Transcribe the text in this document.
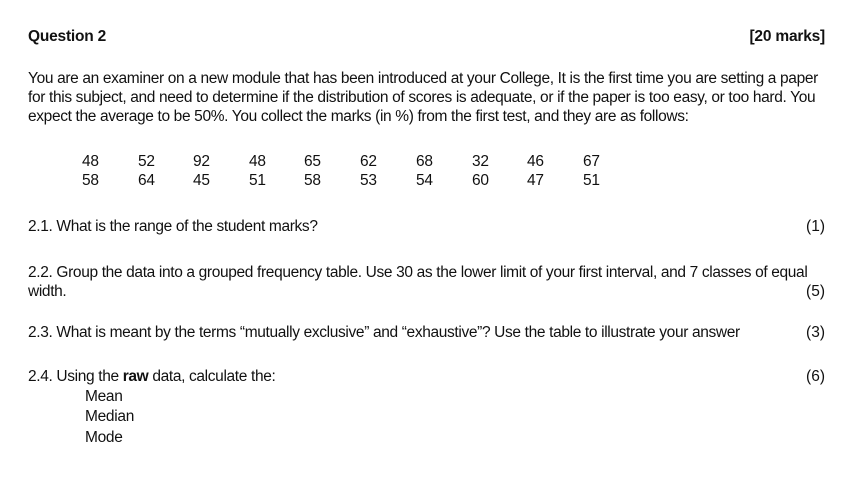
Question 2	[20 marks]
You are an examiner on a new module that has been introduced at your College, It is the first time you are setting a paper
for this subject, and need to determine if the distribution of scores is adequate, or if the paper is too easy, or too hard. You
expect the average to be 50%. You collect the marks (in %) from the first test, and they are as follows:
48	52 92	48 65	62	68	32 46	67
58	64 45	51 58	53	54	60 47	51
2.1. What is the range of the student marks?	(1)
2.2. Group the data into a grouped frequency table. Use 30 as the lower limit of your first interval, and 7 classes of equal
width.	(5)
2.3. What is meant by the terms “mutually exclusive” and “exhaustive”? Use the table to illustrate your answer	(3)
2.4. Using the raw data, calculate the:	(6)
Mean
Median
Mode
